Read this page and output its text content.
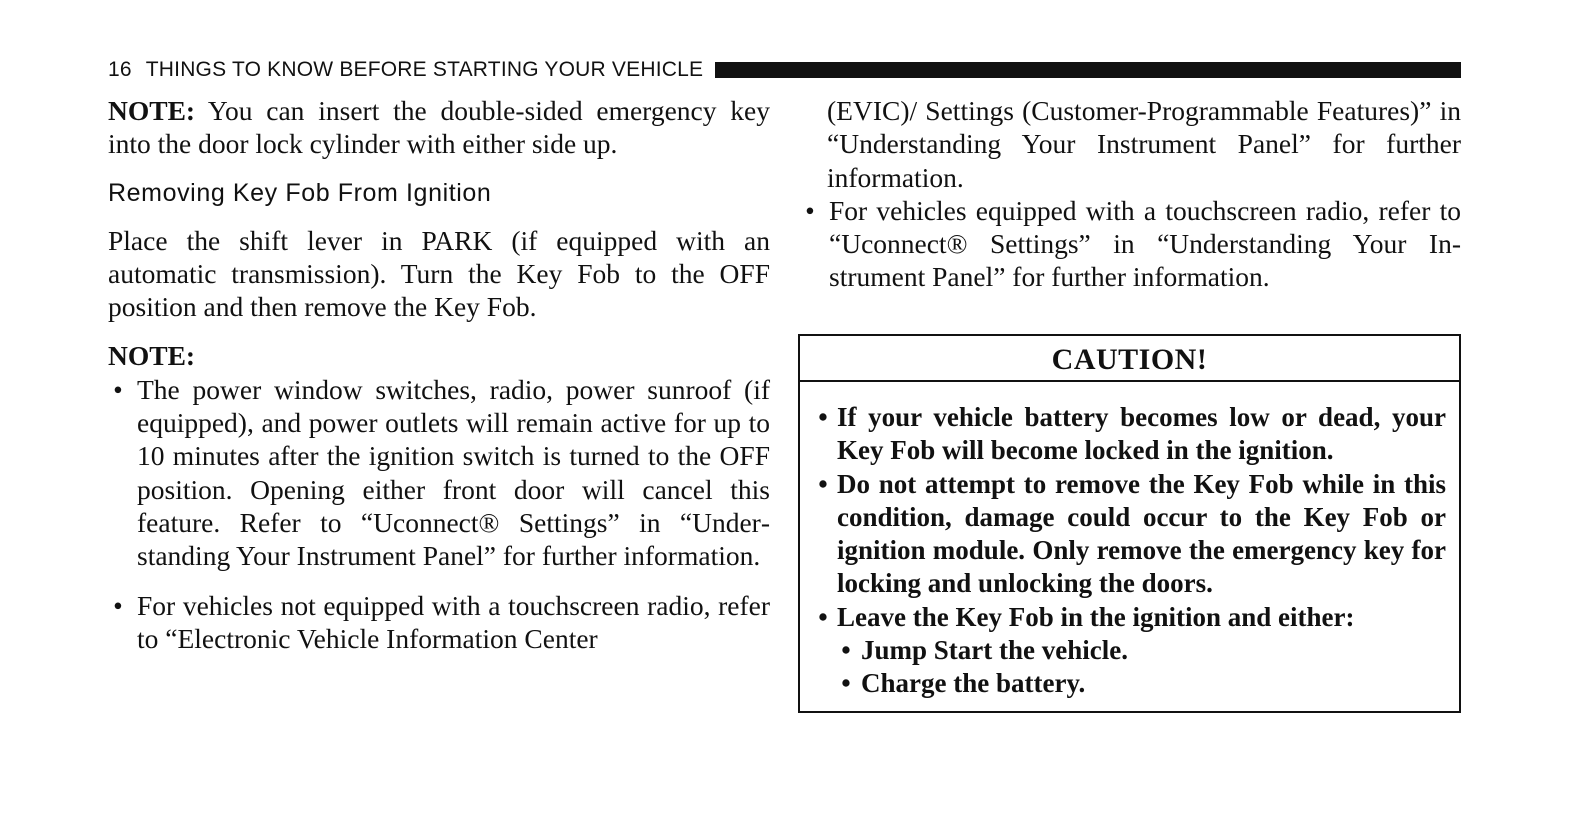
16 THINGS TO KNOW BEFORE STARTING YOUR VEHICLE

NOTE: You can insert the double-sided emergency key into the door lock cylinder with either side up.

Removing Key Fob From Ignition

Place the shift lever in PARK (if equipped with an automatic transmission). Turn the Key Fob to the OFF position and then remove the Key Fob.

NOTE:

• The power window switches, radio, power sunroof (if equipped), and power outlets will remain active for up to 10 minutes after the ignition switch is turned to the OFF position. Opening either front door will cancel this feature. Refer to “Uconnect® Settings” in “Understanding Your Instrument Panel” for further information.
• For vehicles not equipped with a touchscreen radio, refer to “Electronic Vehicle Information Center

(EVIC)/ Settings (Customer-Programmable Features)” in “Understanding Your Instrument Panel” for further information.

• For vehicles equipped with a touchscreen radio, refer to “Uconnect® Settings” in “Understanding Your Instrument Panel” for further information.
CAUTION!
• If your vehicle battery becomes low or dead, your Key Fob will become locked in the ignition.
• Do not attempt to remove the Key Fob while in this condition, damage could occur to the Key Fob or ignition module. Only remove the emergency key for locking and unlocking the doors.
• Leave the Key Fob in the ignition and either:
• Jump Start the vehicle.
• Charge the battery.
